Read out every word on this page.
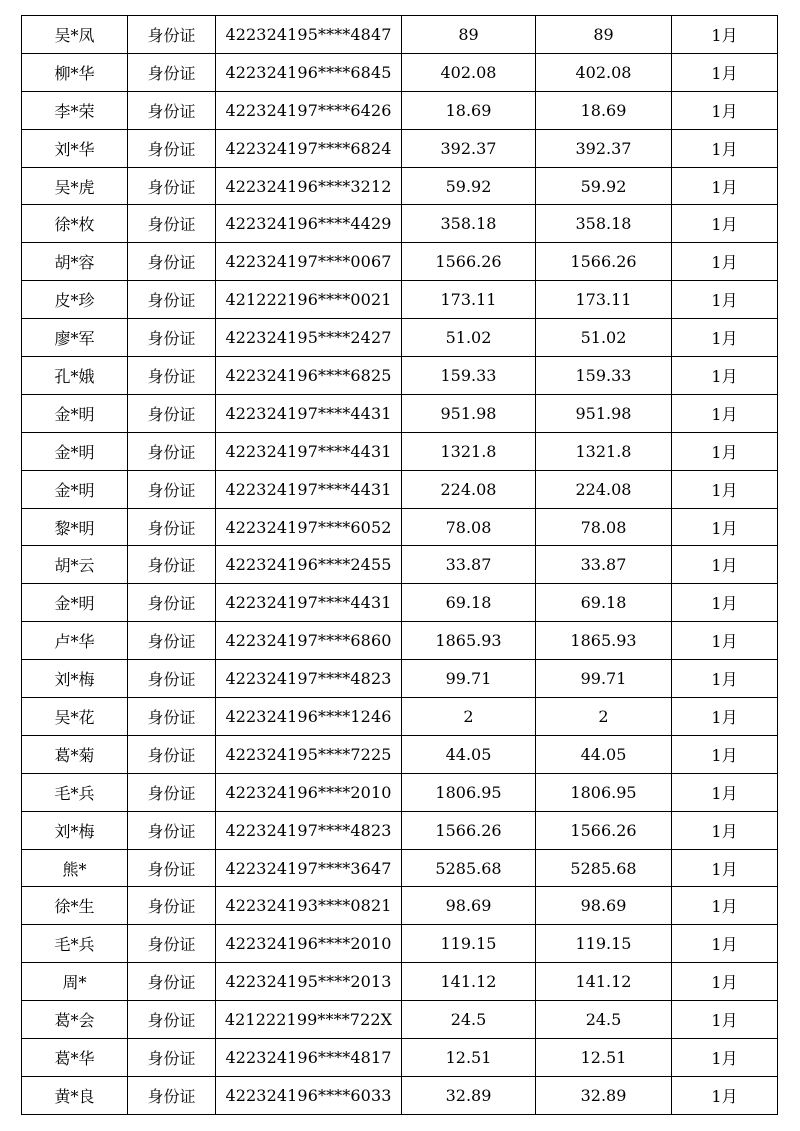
吴*凤	身份证	422324195****4847	89	89	1月
柳*华	身份证	422324196****6845	402.08	402.08	1月
李*荣	身份证	422324197****6426	18.69	18.69	1月
刘*华	身份证	422324197****6824	392.37	392.37	1月
吴*虎	身份证	422324196****3212	59.92	59.92	1月
徐*枚	身份证	422324196****4429	358.18	358.18	1月
胡*容	身份证	422324197****0067	1566.26	1566.26	1月
皮*珍	身份证	421222196****0021	173.11	173.11	1月
廖*军	身份证	422324195****2427	51.02	51.02	1月
孔*娥	身份证	422324196****6825	159.33	159.33	1月
金*明	身份证	422324197****4431	951.98	951.98	1月
金*明	身份证	422324197****4431	1321.8	1321.8	1月
金*明	身份证	422324197****4431	224.08	224.08	1月
黎*明	身份证	422324197****6052	78.08	78.08	1月
胡*云	身份证	422324196****2455	33.87	33.87	1月
金*明	身份证	422324197****4431	69.18	69.18	1月
卢*华	身份证	422324197****6860	1865.93	1865.93	1月
刘*梅	身份证	422324197****4823	99.71	99.71	1月
吴*花	身份证	422324196****1246	2	2	1月
葛*菊	身份证	422324195****7225	44.05	44.05	1月
毛*兵	身份证	422324196****2010	1806.95	1806.95	1月
刘*梅	身份证	422324197****4823	1566.26	1566.26	1月
熊*	身份证	422324197****3647	5285.68	5285.68	1月
徐*生	身份证	422324193****0821	98.69	98.69	1月
毛*兵	身份证	422324196****2010	119.15	119.15	1月
周*	身份证	422324195****2013	141.12	141.12	1月
葛*会	身份证	421222199****722X	24.5	24.5	1月
葛*华	身份证	422324196****4817	12.51	12.51	1月
黄*良	身份证	422324196****6033	32.89	32.89	1月
